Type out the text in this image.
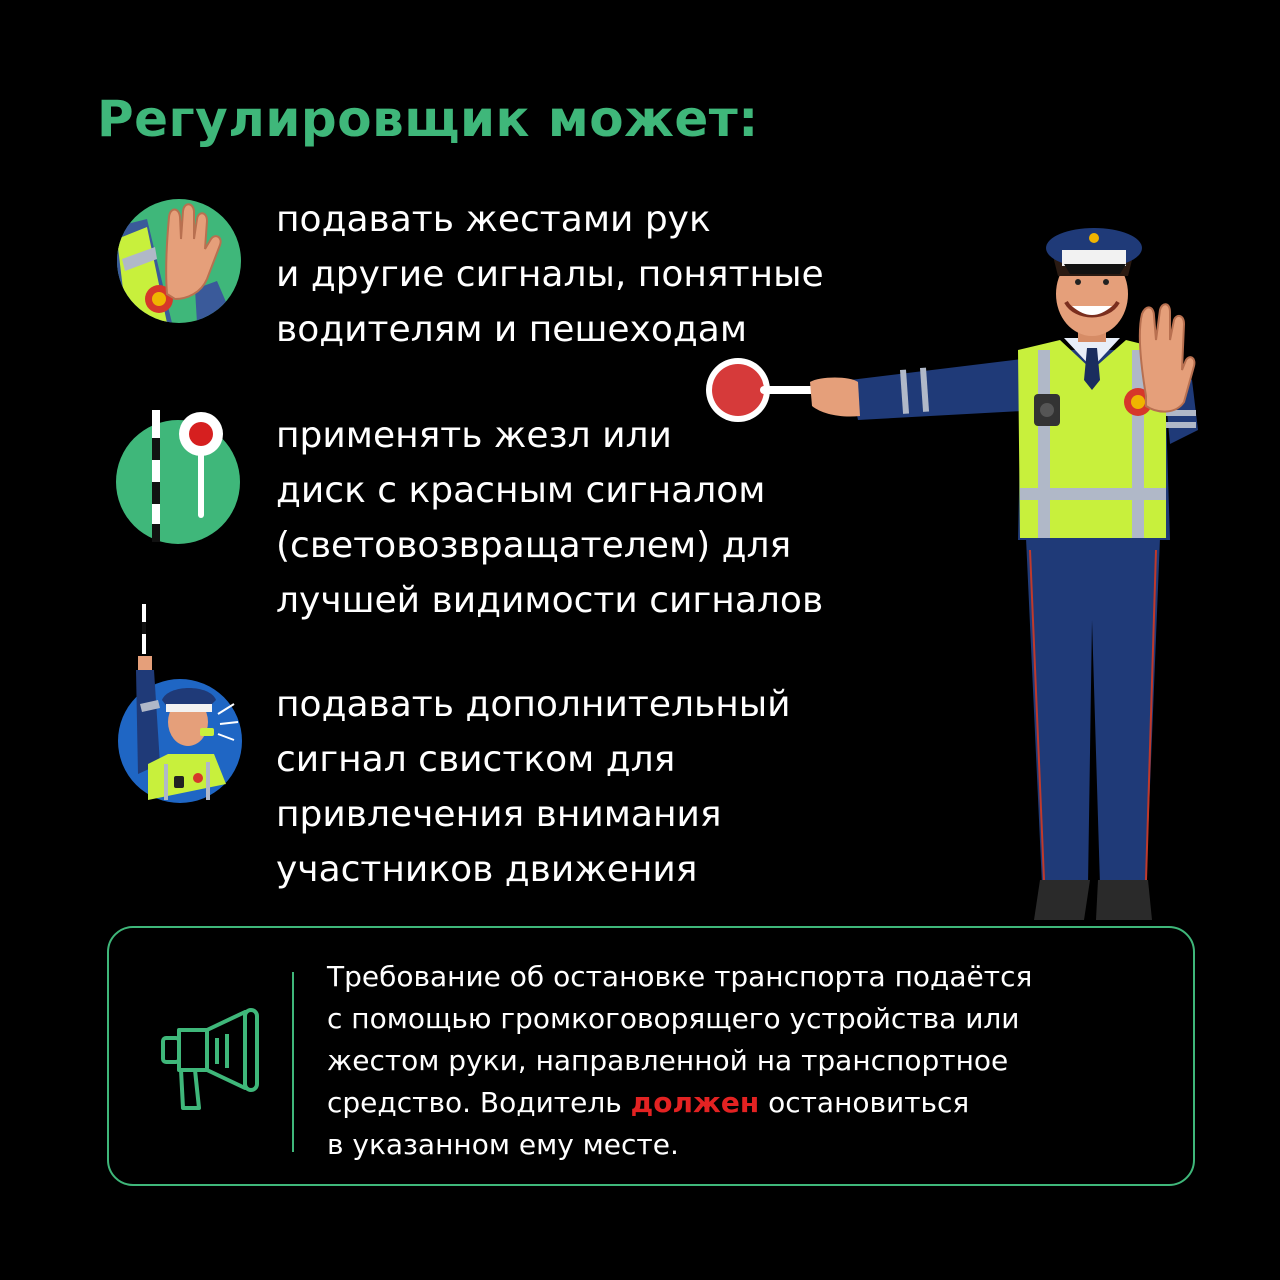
Регулировщик может:
подавать жестами рук
и другие сигналы, понятные
водителям и пешеходам
применять жезл или
диск с красным сигналом
(световозвращателем) для
лучшей видимости сигналов
подавать дополнительный
сигнал свистком для
привлечения внимания
участников движения
Требование об остановке транспорта подаётся
с помощью громкоговорящего устройства или
жестом руки, направленной на транспортное
средство. Водитель должен остановиться
в указанном ему месте.
